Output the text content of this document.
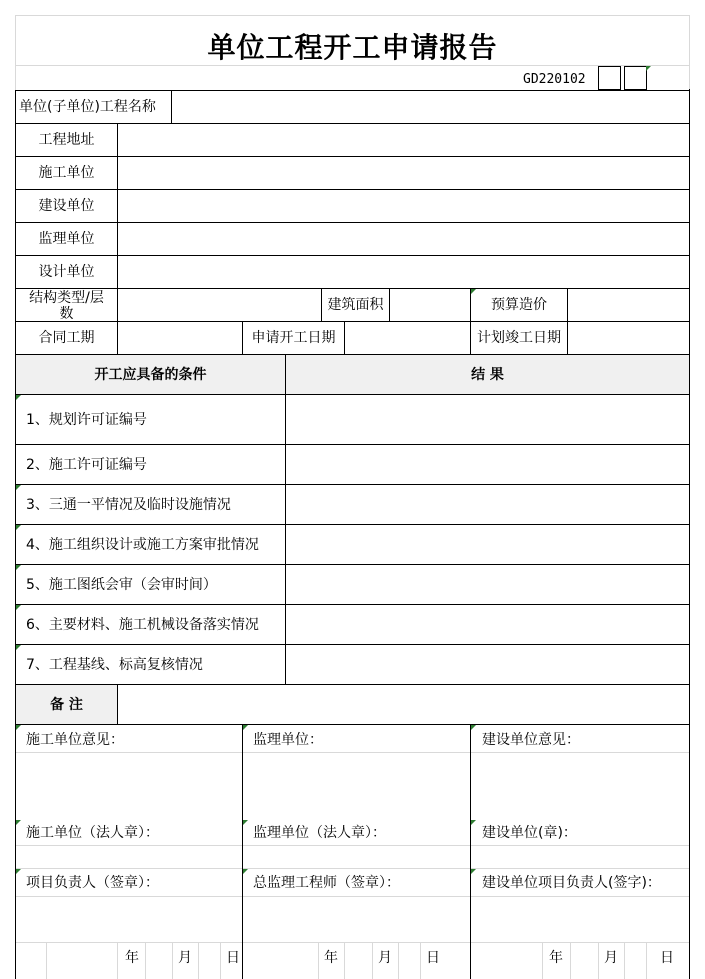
单位工程开工申请报告
GD220102
单位(子单位)工程名称
工程地址
施工单位
建设单位
监理单位
设计单位
结构类型/层
数
建筑面积	预算造价
合同工期	申请开工日期	计划竣工日期
开工应具备的条件	结 果
1、规划许可证编号
2、施工许可证编号
3、三通一平情况及临时设施情况
4、施工组织设计或施工方案审批情况
5、施工图纸会审（会审时间）
6、主要材料、施工机械设备落实情况
7、工程基线、标高复核情况
备 注
施工单位意见：	监理单位：	建设单位意见：
施工单位（法人章）：	监理单位（法人章）：	建设单位(章)：
项目负责人（签章）：	总监理工程师（签章）：	建设单位项目负责人(签字)：
年	月 日	年	月 日	年	月	日
